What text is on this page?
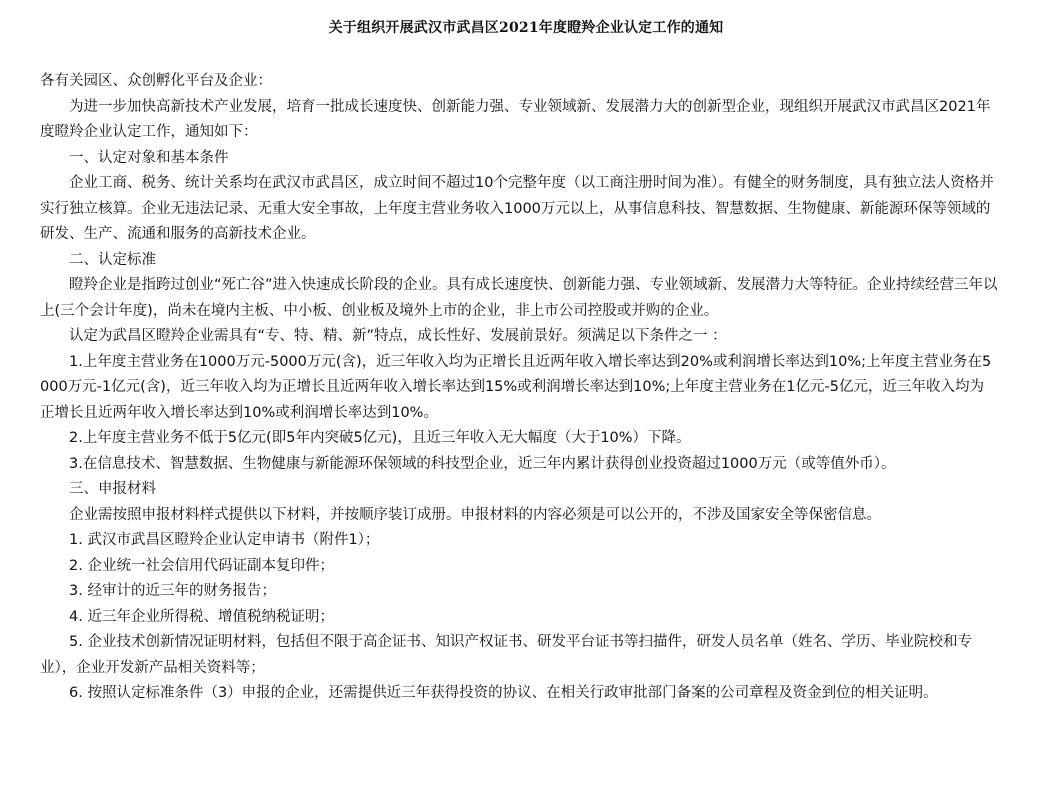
关于组织开展武汉市武昌区2021年度瞪羚企业认定工作的通知

各有关园区、众创孵化平台及企业：

为进一步加快高新技术产业发展，培育一批成长速度快、创新能力强、专业领域新、发展潜力大的创新型企业，现组织开展武汉市武昌区2021年度瞪羚企业认定工作，通知如下：

一、认定对象和基本条件

企业工商、税务、统计关系均在武汉市武昌区，成立时间不超过10个完整年度（以工商注册时间为准）。有健全的财务制度，具有独立法人资格并实行独立核算。企业无违法记录、无重大安全事故，上年度主营业务收入1000万元以上，从事信息科技、智慧数据、生物健康、新能源环保等领域的研发、生产、流通和服务的高新技术企业。

二、认定标准

瞪羚企业是指跨过创业“死亡谷”进入快速成长阶段的企业。具有成长速度快、创新能力强、专业领域新、发展潜力大等特征。企业持续经营三年以上(三个会计年度)，尚未在境内主板、中小板、创业板及境外上市的企业，非上市公司控股或并购的企业。

认定为武昌区瞪羚企业需具有“专、特、精、新”特点，成长性好、发展前景好。须满足以下条件之一 ：

1.上年度主营业务在1000万元-5000万元(含)，近三年收入均为正增长且近两年收入增长率达到20%或利润增长率达到10%;上年度主营业务在5000万元-1亿元(含)，近三年收入均为正增长且近两年收入增长率达到15%或利润增长率达到10%;上年度主营业务在1亿元-5亿元，近三年收入均为正增长且近两年收入增长率达到10%或利润增长率达到10%。

2.上年度主营业务不低于5亿元(即5年内突破5亿元)，且近三年收入无大幅度（大于10%）下降。

3.在信息技术、智慧数据、生物健康与新能源环保领域的科技型企业，近三年内累计获得创业投资超过1000万元（或等值外币）。

三、申报材料

企业需按照申报材料样式提供以下材料，并按顺序装订成册。申报材料的内容必须是可以公开的，不涉及国家安全等保密信息。

1. 武汉市武昌区瞪羚企业认定申请书（附件1）；

2. 企业统一社会信用代码证副本复印件；

3. 经审计的近三年的财务报告；

4. 近三年企业所得税、增值税纳税证明；

5. 企业技术创新情况证明材料，包括但不限于高企证书、知识产权证书、研发平台证书等扫描件，研发人员名单（姓名、学历、毕业院校和专业），企业开发新产品相关资料等；

6. 按照认定标准条件（3）申报的企业，还需提供近三年获得投资的协议、在相关行政审批部门备案的公司章程及资金到位的相关证明。
